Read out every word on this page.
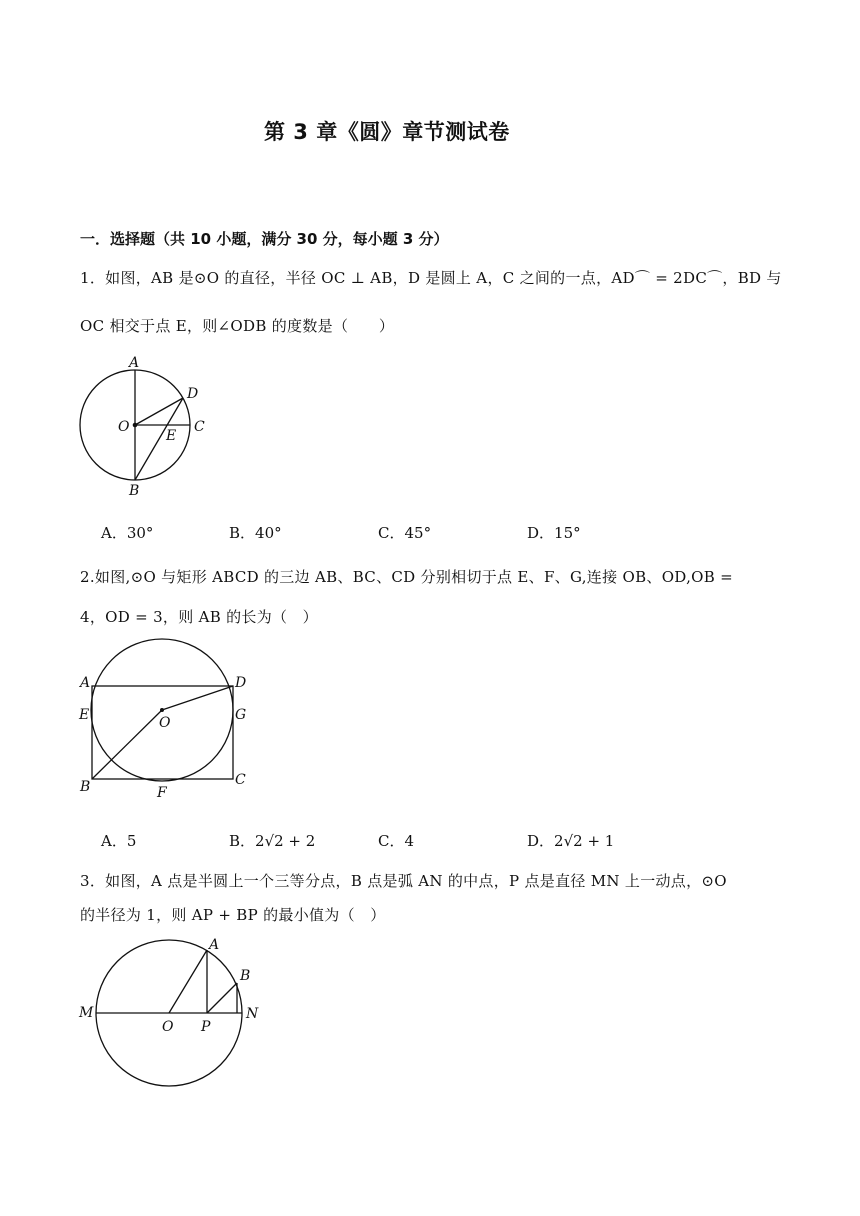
第 3 章《圆》章节测试卷
一．选择题（共 10 小题，满分 30 分，每小题 3 分）
1．如图，AB 是⊙O 的直径，半径 OC ⊥ AB，D 是圆上 A，C 之间的一点，AD⌒ = 2DC⌒，BD 与
OC 相交于点 E，则∠ODB 的度数是（　　）
A
D
O
E
C
B
A．30°	B．40°	C．45°	D．15°
2.如图,⊙O 与矩形 ABCD 的三边 AB、BC、CD 分别相切于点 E、F、G,连接 OB、OD,OB =
4，OD = 3，则 AB 的长为（　）
A	D
E	O	G
B	F
C
A．5	B．2√2 + 2	C．4	D．2√2 + 1
3．如图，A 点是半圆上一个三等分点，B 点是弧 AN 的中点，P 点是直径 MN 上一动点，⊙O
的半径为 1，则 AP + BP 的最小值为（　）
A
B
M
O P
N
